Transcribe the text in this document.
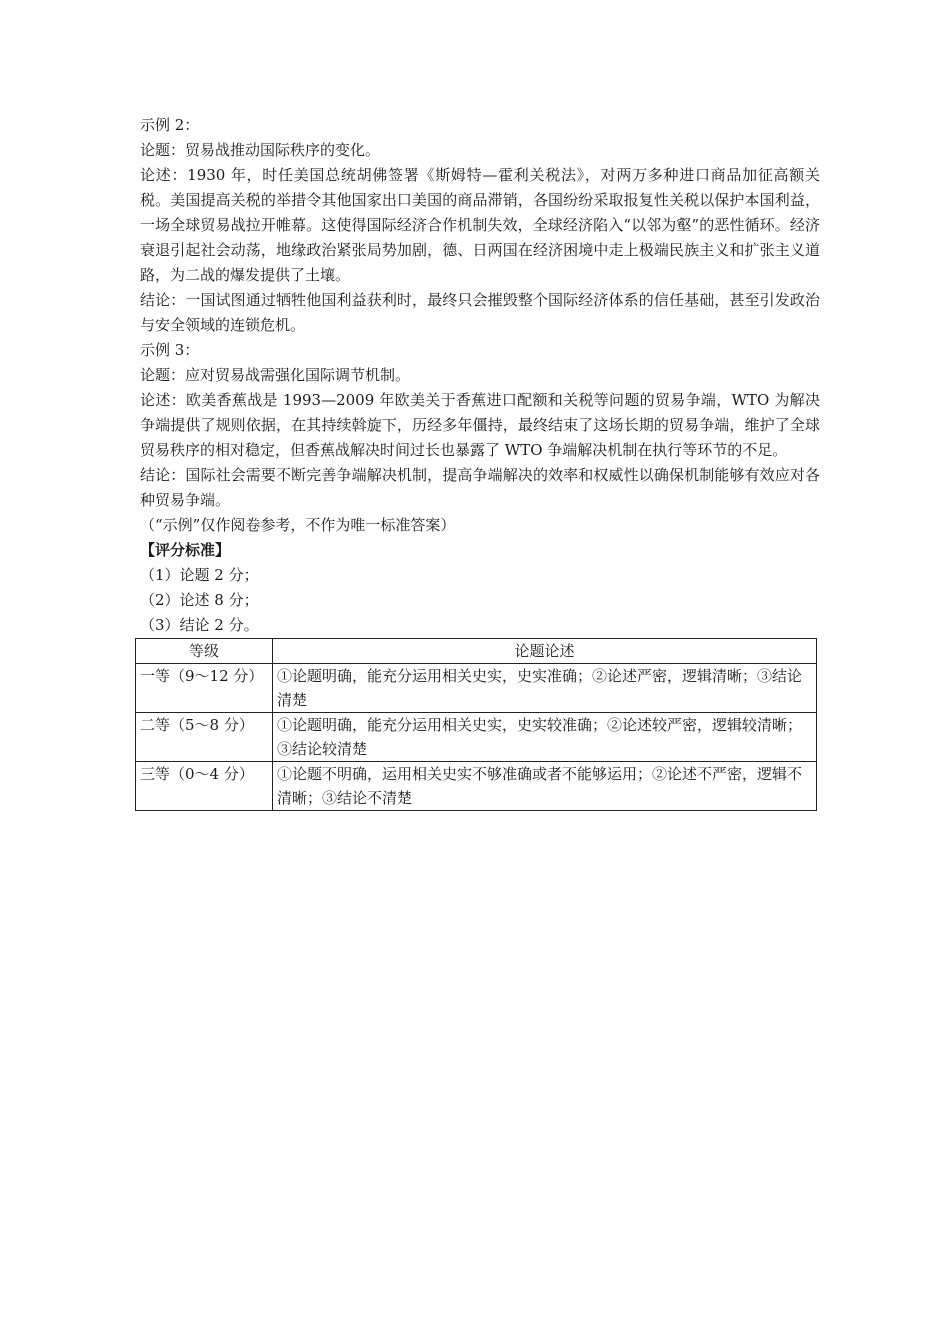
示例 2：
论题：贸易战推动国际秩序的变化。
论述：1930 年，时任美国总统胡佛签署《斯姆特—霍利关税法》，对两万多种进口商品加征高额关税。美国提高关税的举措令其他国家出口美国的商品滞销，各国纷纷采取报复性关税以保护本国利益，一场全球贸易战拉开帷幕。这使得国际经济合作机制失效，全球经济陷入“以邻为壑”的恶性循环。经济衰退引起社会动荡，地缘政治紧张局势加剧，德、日两国在经济困境中走上极端民族主义和扩张主义道路，为二战的爆发提供了土壤。
结论：一国试图通过牺牲他国利益获利时，最终只会摧毁整个国际经济体系的信任基础，甚至引发政治与安全领域的连锁危机。
示例 3：
论题：应对贸易战需强化国际调节机制。
论述：欧美香蕉战是 1993—2009 年欧美关于香蕉进口配额和关税等问题的贸易争端，WTO 为解决争端提供了规则依据，在其持续斡旋下，历经多年僵持，最终结束了这场长期的贸易争端，维护了全球贸易秩序的相对稳定，但香蕉战解决时间过长也暴露了 WTO 争端解决机制在执行等环节的不足。
结论：国际社会需要不断完善争端解决机制，提高争端解决的效率和权威性以确保机制能够有效应对各种贸易争端。
（“示例”仅作阅卷参考，不作为唯一标准答案）
【评分标准】
（1）论题 2 分；
（2）论述 8 分；
（3）结论 2 分。
等级	论题论述
一等（9～12 分）	①论题明确，能充分运用相关史实，史实准确；②论述严密，逻辑清晰；③结论清楚
二等（5～8 分）	①论题明确，能充分运用相关史实，史实较准确；②论述较严密，逻辑较清晰；③结论较清楚
三等（0～4 分）	①论题不明确，运用相关史实不够准确或者不能够运用；②论述不严密，逻辑不清晰；③结论不清楚
